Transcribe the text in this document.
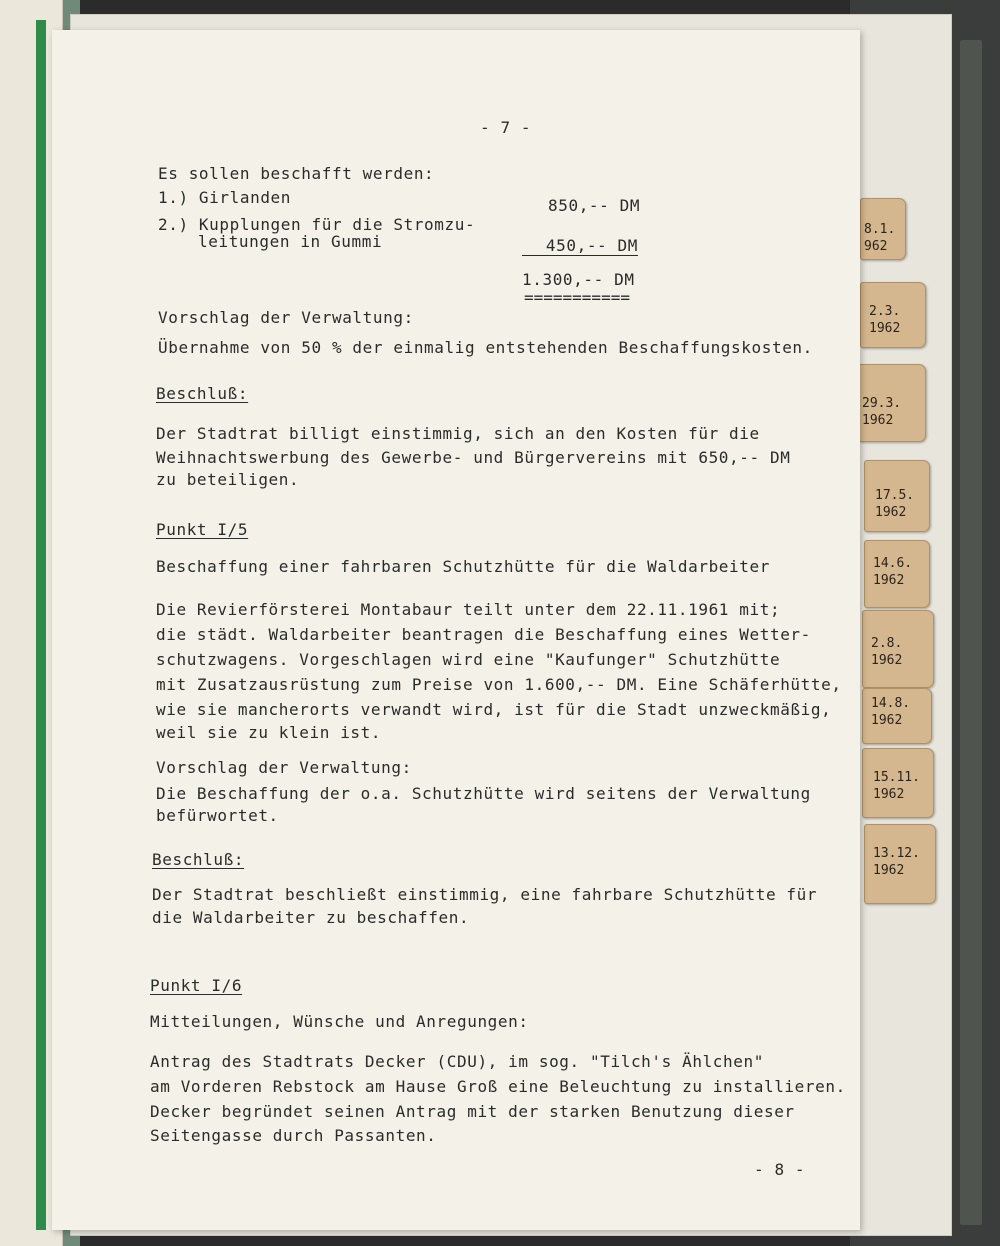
8.1.
962
2.3.
1962
29.3.
1962
17.5.
1962
14.6.
1962
2.8.
1962
14.8.
1962
15.11.
1962
13.12.
1962
- 7 -
Es sollen beschafft werden:
1.) Girlanden	850,-- DM
2.) Kupplungen für die Stromzu-
leitungen in Gummi	450,-- DM
1.300,-- DM
===========
Vorschlag der Verwaltung:
Übernahme von 50 % der einmalig entstehenden Beschaffungskosten.
Beschluß:
Der Stadtrat billigt einstimmig, sich an den Kosten für die
Weihnachtswerbung des Gewerbe- und Bürgervereins mit 650,-- DM
zu beteiligen.
Punkt I/5
Beschaffung einer fahrbaren Schutzhütte für die Waldarbeiter
Die Revierförsterei Montabaur teilt unter dem 22.11.1961 mit;
die städt. Waldarbeiter beantragen die Beschaffung eines Wetter-
schutzwagens. Vorgeschlagen wird eine "Kaufunger" Schutzhütte
mit Zusatzausrüstung zum Preise von 1.600,-- DM. Eine Schäferhütte,
wie sie mancherorts verwandt wird, ist für die Stadt unzweckmäßig,
weil sie zu klein ist.
Vorschlag der Verwaltung:
Die Beschaffung der o.a. Schutzhütte wird seitens der Verwaltung
befürwortet.
Beschluß:
Der Stadtrat beschließt einstimmig, eine fahrbare Schutzhütte für
die Waldarbeiter zu beschaffen.
Punkt I/6
Mitteilungen, Wünsche und Anregungen:
Antrag des Stadtrats Decker (CDU), im sog. "Tilch's Ählchen"
am Vorderen Rebstock am Hause Groß eine Beleuchtung zu installieren.
Decker begründet seinen Antrag mit der starken Benutzung dieser
Seitengasse durch Passanten.
- 8 -
